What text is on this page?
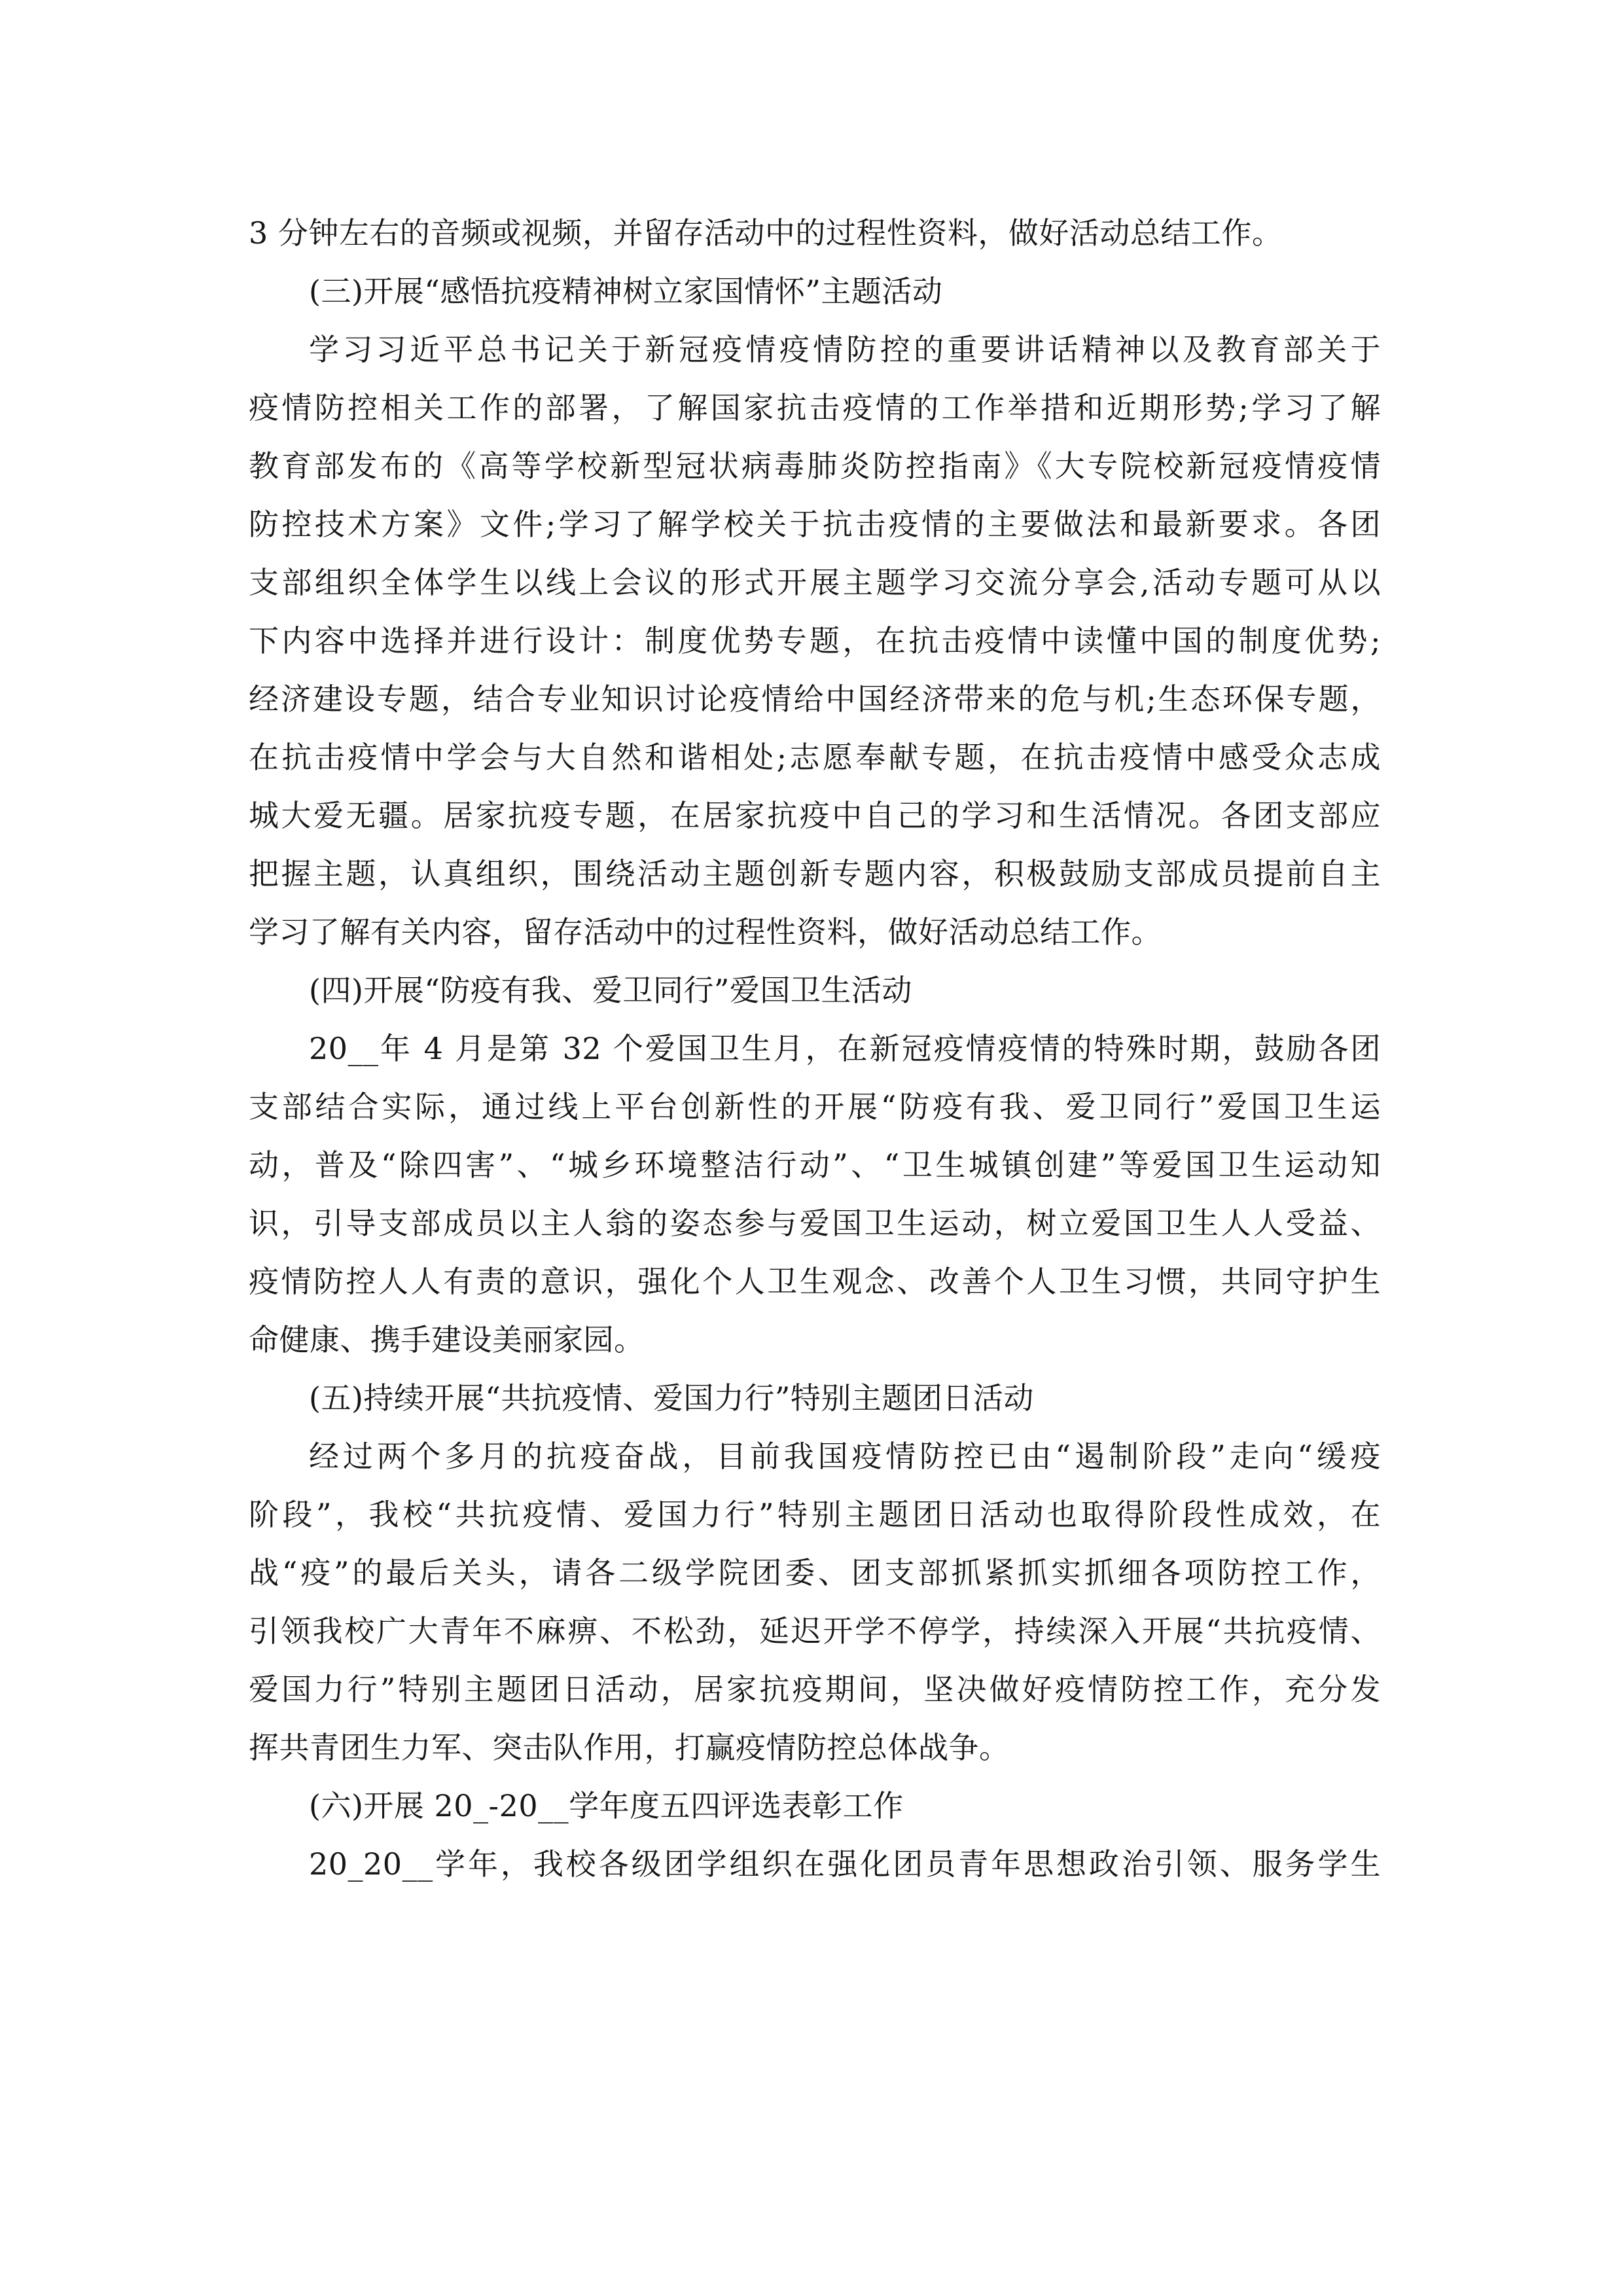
3 分钟左右的音频或视频，并留存活动中的过程性资料，做好活动总结工作。
(三)开展“感悟抗疫精神树立家国情怀”主题活动
学习习近平总书记关于新冠疫情疫情防控的重要讲话精神以及教育部关于
疫情防控相关工作的部署，了解国家抗击疫情的工作举措和近期形势;学习了解
教育部发布的《高等学校新型冠状病毒肺炎防控指南》《大专院校新冠疫情疫情
防控技术方案》文件;学习了解学校关于抗击疫情的主要做法和最新要求。各团
支部组织全体学生以线上会议的形式开展主题学习交流分享会,活动专题可从以
下内容中选择并进行设计：制度优势专题，在抗击疫情中读懂中国的制度优势;
经济建设专题，结合专业知识讨论疫情给中国经济带来的危与机;生态环保专题，
在抗击疫情中学会与大自然和谐相处;志愿奉献专题，在抗击疫情中感受众志成
城大爱无疆。居家抗疫专题，在居家抗疫中自己的学习和生活情况。各团支部应
把握主题，认真组织，围绕活动主题创新专题内容，积极鼓励支部成员提前自主
学习了解有关内容，留存活动中的过程性资料，做好活动总结工作。
(四)开展“防疫有我、爱卫同行”爱国卫生活动
20__年 4 月是第 32 个爱国卫生月，在新冠疫情疫情的特殊时期，鼓励各团
支部结合实际，通过线上平台创新性的开展“防疫有我、爱卫同行”爱国卫生运
动，普及“除四害”、“城乡环境整洁行动”、“卫生城镇创建”等爱国卫生运动知
识，引导支部成员以主人翁的姿态参与爱国卫生运动，树立爱国卫生人人受益、
疫情防控人人有责的意识，强化个人卫生观念、改善个人卫生习惯，共同守护生
命健康、携手建设美丽家园。
(五)持续开展“共抗疫情、爱国力行”特别主题团日活动
经过两个多月的抗疫奋战，目前我国疫情防控已由“遏制阶段”走向“缓疫
阶段”，我校“共抗疫情、爱国力行”特别主题团日活动也取得阶段性成效，在
战“疫”的最后关头，请各二级学院团委、团支部抓紧抓实抓细各项防控工作，
引领我校广大青年不麻痹、不松劲，延迟开学不停学，持续深入开展“共抗疫情、
爱国力行”特别主题团日活动，居家抗疫期间，坚决做好疫情防控工作，充分发
挥共青团生力军、突击队作用，打赢疫情防控总体战争。
(六)开展 20_-20__学年度五四评选表彰工作
20_20__学年，我校各级团学组织在强化团员青年思想政治引领、服务学生
